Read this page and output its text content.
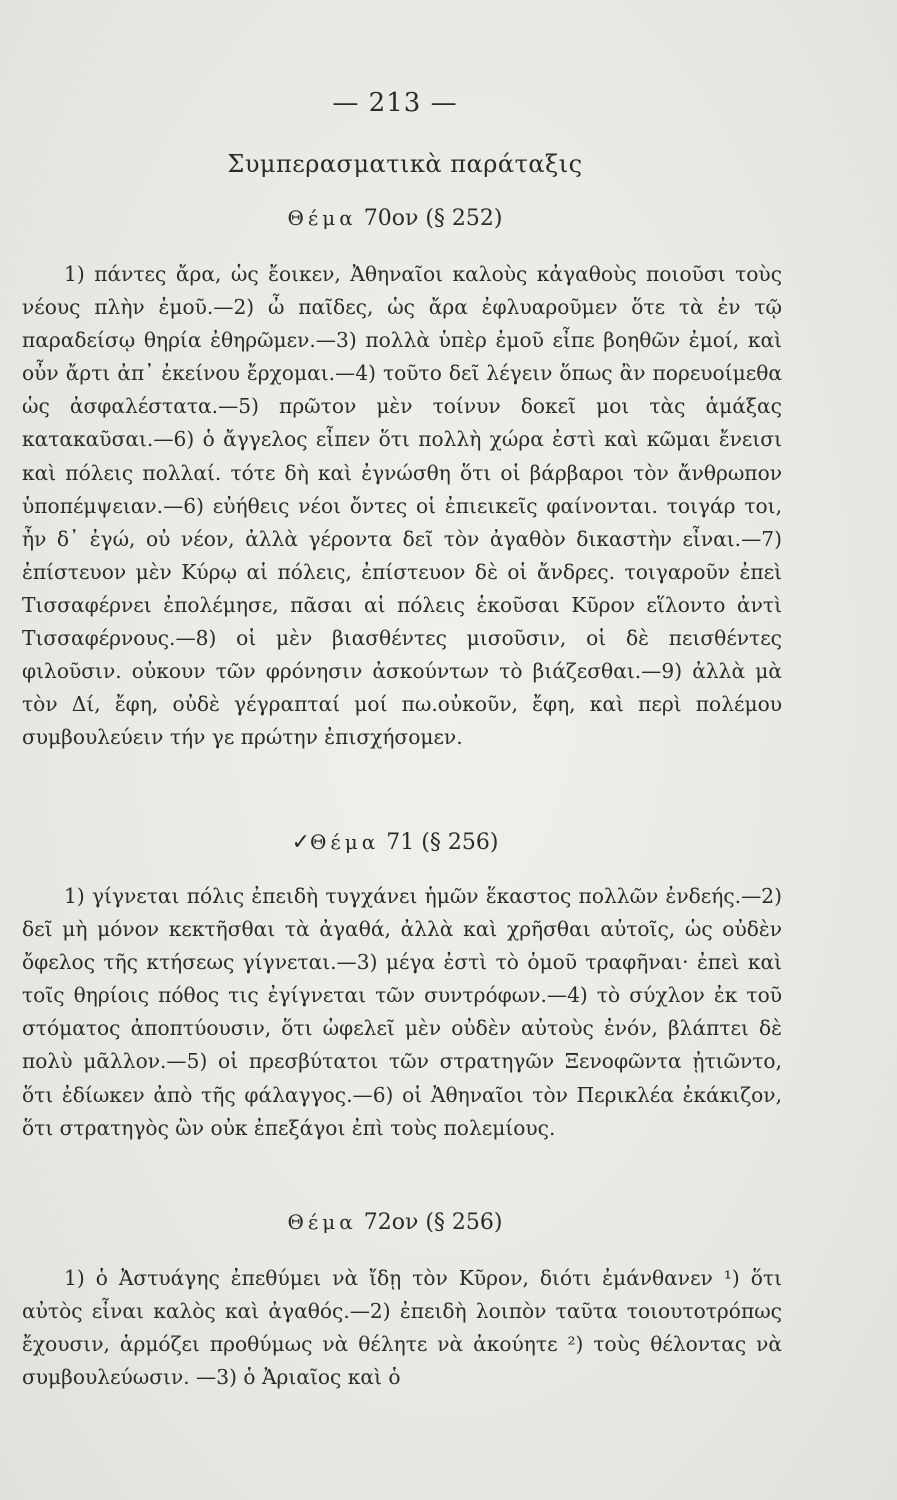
— 213 —
Συμπερασματικὰ παράταξις
Θέμα 70ον (§ 252)
1) πάντες ἄρα, ὡς ἔοικεν, Ἀθηναῖοι καλοὺς κἀγαθοὺς ποιοῦσι τοὺς νέους πλὴν ἐμοῦ.—2) ὦ παῖδες, ὡς ἄρα ἐφλυαροῦμεν ὅτε τὰ ἐν τῷ παραδείσῳ θηρία ἐθηρῶμεν.—3) πολλὰ ὑπὲρ ἐμοῦ εἶπε βοηθῶν ἐμοί, καὶ οὖν ἄρτι ἀπ᾽ ἐκείνου ἔρχομαι.—4) τοῦτο δεῖ λέγειν ὅπως ἂν πορευοίμεθα ὡς ἀσφαλέστατα.—5) πρῶτον μὲν τοίνυν δοκεῖ μοι τὰς ἁμάξας κατακαῦσαι.—6) ὁ ἄγγελος εἶπεν ὅτι πολλὴ χώρα ἐστὶ καὶ κῶμαι ἔνεισι καὶ πόλεις πολλαί. τότε δὴ καὶ ἐγνώσθη ὅτι οἱ βάρβαροι τὸν ἄνθρωπον ὑποπέμψειαν.—6) εὐήθεις νέοι ὄντες οἱ ἐπιεικεῖς φαίνονται. τοιγάρ τοι, ἦν δ᾽ ἐγώ, οὐ νέον, ἀλλὰ γέροντα δεῖ τὸν ἀγαθὸν δικαστὴν εἶναι.—7) ἐπίστευον μὲν Κύρῳ αἱ πόλεις, ἐπίστευον δὲ οἱ ἄνδρες. τοιγαροῦν ἐπεὶ Τισσαφέρνει ἐπολέμησε, πᾶσαι αἱ πόλεις ἑκοῦσαι Κῦρον εἵλοντο ἀντὶ Τισσαφέρνους.—8) οἱ μὲν βιασθέντες μισοῦσιν, οἱ δὲ πεισθέντες φιλοῦσιν. οὐκουν τῶν φρόνησιν ἀσκούντων τὸ βιάζεσθαι.—9) ἀλλὰ μὰ τὸν Δί, ἔφη, οὐδὲ γέγραπταί μοί πω.οὐκοῦν, ἔφη, καὶ περὶ πολέμου συμβουλεύειν τήν γε πρώτην ἐπισχήσομεν.
✓Θέμα 71 (§ 256)
1) γίγνεται πόλις ἐπειδὴ τυγχάνει ἡμῶν ἕκαστος πολλῶν ἐνδεής.—2) δεῖ μὴ μόνον κεκτῆσθαι τὰ ἀγαθά, ἀλλὰ καὶ χρῆσθαι αὐτοῖς, ὡς οὐδὲν ὄφελος τῆς κτήσεως γίγνεται.—3) μέγα ἐστὶ τὸ ὁμοῦ τραφῆναι· ἐπεὶ καὶ τοῖς θηρίοις πόθος τις ἐγίγνεται τῶν συντρόφων.—4) τὸ σύχλον ἐκ τοῦ στόματος ἀποπτύουσιν, ὅτι ὠφελεῖ μὲν οὐδὲν αὐτοὺς ἐνόν, βλάπτει δὲ πολὺ μᾶλλον.—5) οἱ πρεσβύτατοι τῶν στρατηγῶν Ξενοφῶντα ᾐτιῶντο, ὅτι ἐδίωκεν ἀπὸ τῆς φάλαγγος.—6) οἱ Ἀθηναῖοι τὸν Περικλέα ἐκάκιζον, ὅτι στρατηγὸς ὢν οὐκ ἐπεξάγοι ἐπὶ τοὺς πολεμίους.
Θέμα 72ον (§ 256)
1) ὁ Ἀστυάγης ἐπεθύμει νὰ ἴδῃ τὸν Κῦρον, διότι ἐμάνθανεν ¹) ὅτι αὐτὸς εἶναι καλὸς καὶ ἀγαθός.—2) ἐπειδὴ λοιπὸν ταῦτα τοιουτοτρόπως ἔχουσιν, ἁρμόζει προθύμως νὰ θέλητε νὰ ἀκούητε ²) τοὺς θέλοντας νὰ συμβουλεύωσιν. —3) ὁ Ἀριαῖος καὶ ὁ
